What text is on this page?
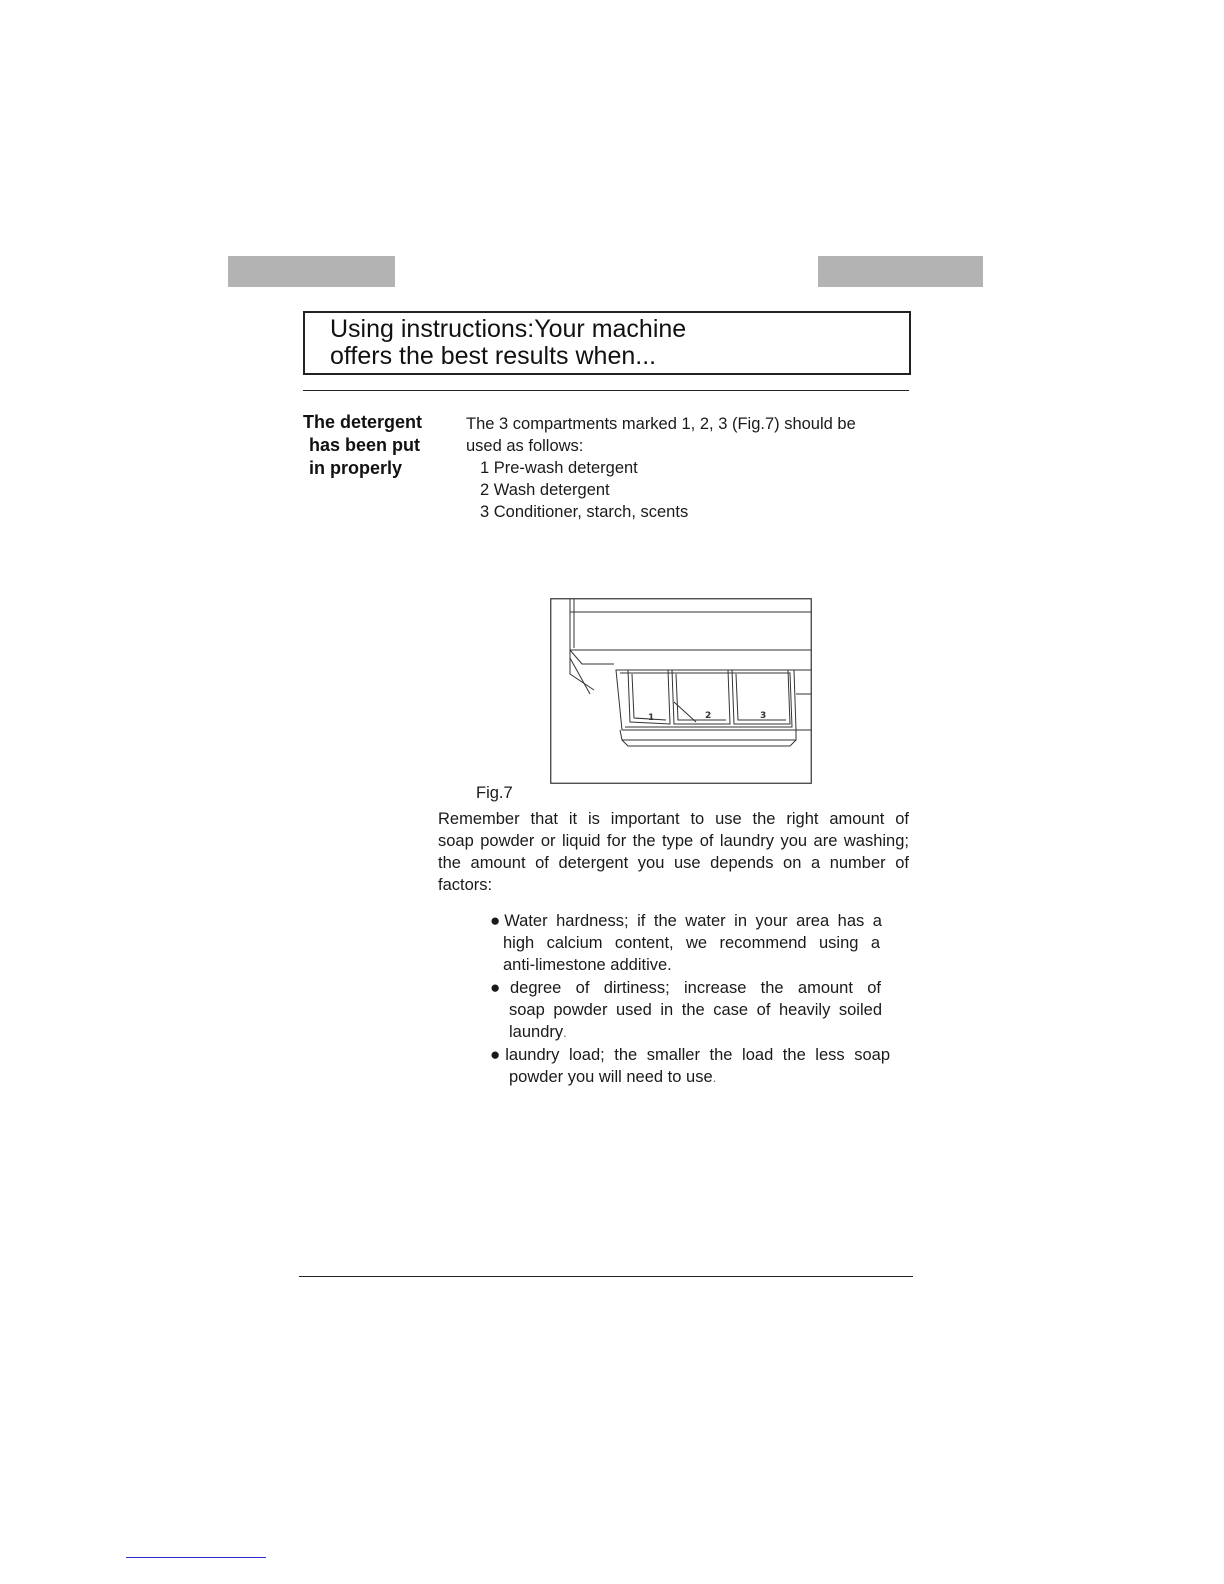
Using instructions:Your machine
offers the best results when...
The detergent
has been put
in properly
The 3 compartments marked 1, 2, 3 (Fig.7) should be
used as follows:
1 Pre-wash detergent
2 Wash detergent
3 Conditioner, starch, scents
1	2	3
Fig.7
Remember that it is important to use the right amount of
soap powder or liquid for the type of laundry you are washing;
the amount of detergent you use depends on a number of
factors:
●Water hardness; if the water in your area has a
high calcium content, we recommend using a
anti-limestone additive.
●degree of dirtiness; increase the amount of
soap powder used in the case of heavily soiled
laundry.
●laundry load; the smaller the load the less soap
powder you will need to use.
